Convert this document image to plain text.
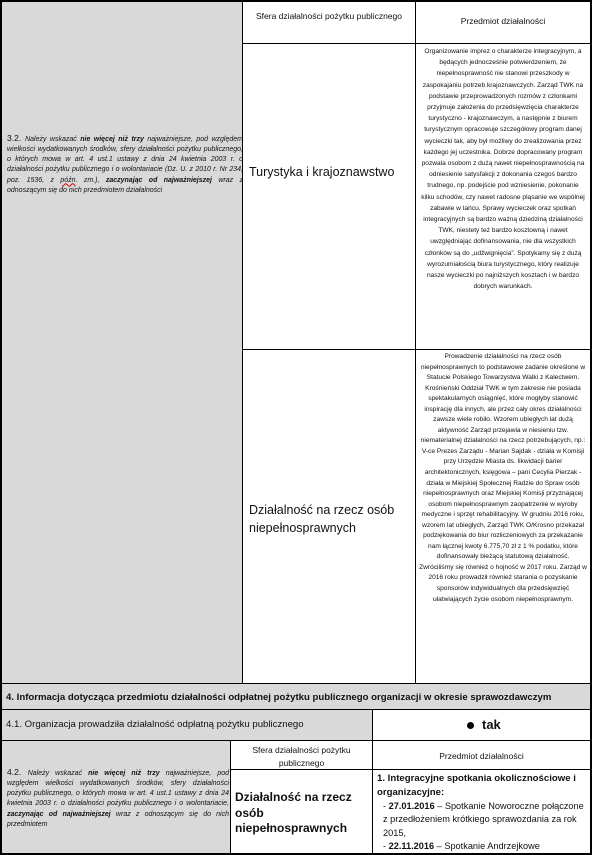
3.2. Należy wskazać nie więcej niż trzy najważniejsze, pod względem wielkości wydatkowanych środków, sfery działalności pożytku publicznego, o których mowa w art. 4 ust.1 ustawy z dnia 24 kwietnia 2003 r. o działalności pożytku publicznego i o wolontariacie (Dz. U. z 2010 r. Nr 234, poz. 1536, z późn. zm.), zaczynając od najważniejszej wraz z odnoszącym się do nich przedmiotem działalności
Sfera działalności pożytku publicznego	Przedmiot działalności
Turystyka i krajoznawstwo
Organizowanie imprez o charakterze integracyjnym, a będących jednocześnie potwierdzeniem, że niepełnosprawność nie stanowi przeszkody w zaspokajaniu potrzeb krajoznawczych. Zarząd TWK na podstawie przeprowadzonych rozmów z członkami przyjmuje założenia do przedsięwzięcia charakterze turystyczno - krajoznawczym, a następnie z biurem turystycznym opracowuje szczegółowy program danej wycieczki tak, aby był możliwy do zrealizowania przez każdego jej uczestnika. Dobrze dopracowany program pozwala osobom z dużą nawet niepełnosprawnością na odniesienie satysfakcji z dokonania czegoś bardzo trudnego, np. podejście pod wzniesienie, pokonanie kilku schodów, czy nawet radosne pląsanie we wspólnej zabawie w tańcu. Sprawy wycieczek oraz spotkań integracyjnych są bardzo ważną dziedziną działalności TWK, niestety też bardzo kosztowną i nawet uwzględniając dofinansowania, nie dla wszystkich członków są do „udźwignięcia”. Spotykamy się z dużą wyrozumiałością biura turystycznego, który realizuje nasze wycieczki po najniższych kosztach i w bardzo dobrych warunkach.
Działalność na rzecz osób niepełnosprawnych
Prowadzenie działalności na rzecz osób niepełnosprawnych to podstawowe zadanie określone w Statucie Polskiego Towarzystwa Walki z Kalectwem. Krośnieński Oddział TWK w tym zakresie nie posiada spektakularnych osiągnięć, które mogłyby stanowić inspirację dla innych, ale przez cały okres działalności zawsze wiele robiło. Wzorem ubiegłych lat dużą aktywność Zarząd przejawia w niesieniu tzw. niematerialnej działalności na rzecz potrzebujących, np.: V-ce Prezes Zarządu - Marian Sajdak - działa w Komisji przy Urzędzie Miasta ds. likwidacji barier architektonicznych, księgowa – pani Cecylia Pierzak - działa w Miejskiej Społecznej Radzie do Spraw osób niepełnosprawnych oraz Miejskiej Komisji przyznającej osobom niepełnosprawnym zaopatrzenie w wyroby medyczne i sprzęt rehabilitacyjny. W grudniu 2016 roku, wzorem lat ubiegłych, Zarząd TWK O/Krosno przekazał podziękowania do biur rozliczeniowych za przekazanie nam łącznej kwoty 6.775,70 zł z 1 % podatku, które dofinansowały bieżącą statutową działalność. Zwróciliśmy się również o hojność w 2017 roku. Zarząd w 2016 roku prowadził również starania o pozyskanie sponsorów indywidualnych dla przedsięwzięć ułatwiających życie osobom niepełnosprawnym.
4. Informacja dotycząca przedmiotu działalności odpłatnej pożytku publicznego organizacji w okresie sprawozdawczym
4.1. Organizacja prowadziła działalność odpłatną pożytku publicznego	tak
4.2. Należy wskazać nie więcej niż trzy najważniejsze, pod względem wielkości wydatkowanych środków, sfery działalności pożytku publicznego, o których mowa w art. 4 ust.1 ustawy z dnia 24 kwietnia 2003 r. o działalności pożytku publicznego i o wolontariacie, zaczynając od najważniejszej wraz z odnoszącym się do nich przedmiotem
Sfera działalności pożytku publicznego
Przedmiot działalności
Działalność na rzecz osób niepełnosprawnych
1. Integracyjne spotkania okolicznościowe i organizacyjne:
- 27.01.2016 – Spotkanie Noworoczne połączone z przedłożeniem krótkiego sprawozdania za rok 2015,
- 22.11.2016 – Spotkanie Andrzejkowe
